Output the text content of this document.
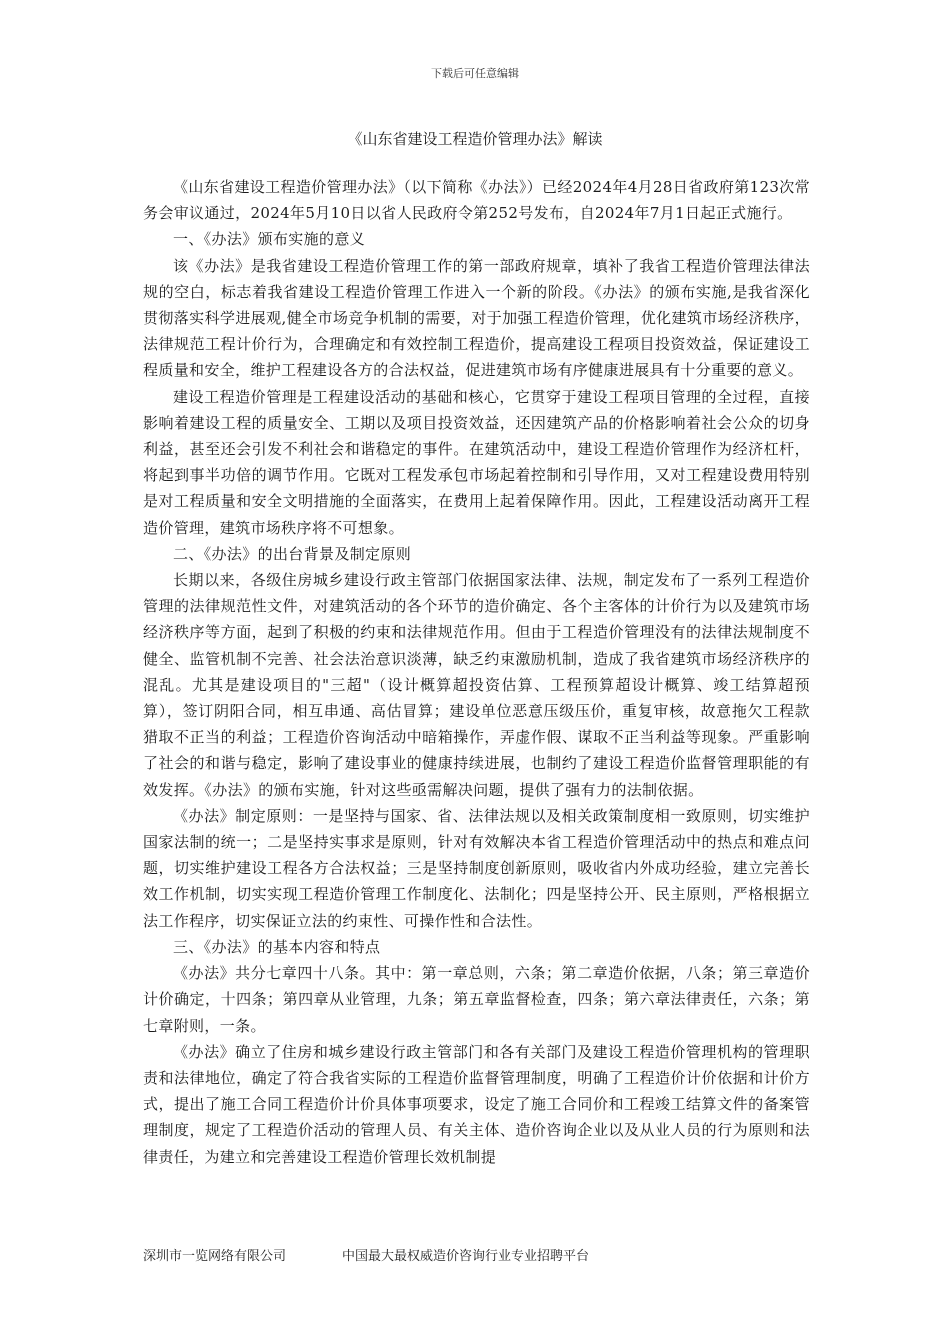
下载后可任意编辑
《山东省建设工程造价管理办法》解读

《山东省建设工程造价管理办法》（以下简称《办法》）已经2024年4月28日省政府第123次常务会审议通过，2024年5月10日以省人民政府令第252号发布，自2024年7月1日起正式施行。

一、《办法》颁布实施的意义

该《办法》是我省建设工程造价管理工作的第一部政府规章，填补了我省工程造价管理法律法规的空白，标志着我省建设工程造价管理工作进入一个新的阶段。《办法》的颁布实施,是我省深化贯彻落实科学进展观,健全市场竞争机制的需要，对于加强工程造价管理，优化建筑市场经济秩序，法律规范工程计价行为，合理确定和有效控制工程造价，提高建设工程项目投资效益，保证建设工程质量和安全，维护工程建设各方的合法权益，促进建筑市场有序健康进展具有十分重要的意义。

建设工程造价管理是工程建设活动的基础和核心，它贯穿于建设工程项目管理的全过程，直接影响着建设工程的质量安全、工期以及项目投资效益，还因建筑产品的价格影响着社会公众的切身利益，甚至还会引发不利社会和谐稳定的事件。在建筑活动中，建设工程造价管理作为经济杠杆，将起到事半功倍的调节作用。它既对工程发承包市场起着控制和引导作用，又对工程建设费用特别是对工程质量和安全文明措施的全面落实，在费用上起着保障作用。因此，工程建设活动离开工程造价管理，建筑市场秩序将不可想象。

二、《办法》的出台背景及制定原则

长期以来，各级住房城乡建设行政主管部门依据国家法律、法规，制定发布了一系列工程造价管理的法律规范性文件，对建筑活动的各个环节的造价确定、各个主客体的计价行为以及建筑市场经济秩序等方面，起到了积极的约束和法律规范作用。但由于工程造价管理没有的法律法规制度不健全、监管机制不完善、社会法治意识淡薄，缺乏约束激励机制，造成了我省建筑市场经济秩序的混乱。尤其是建设项目的"三超"（设计概算超投资估算、工程预算超设计概算、竣工结算超预算），签订阴阳合同，相互串通、高估冒算；建设单位恶意压级压价，重复审核，故意拖欠工程款猎取不正当的利益；工程造价咨询活动中暗箱操作，弄虚作假、谋取不正当利益等现象。严重影响了社会的和谐与稳定，影响了建设事业的健康持续进展，也制约了建设工程造价监督管理职能的有效发挥。《办法》的颁布实施，针对这些亟需解决问题，提供了强有力的法制依据。

《办法》制定原则：一是坚持与国家、省、法律法规以及相关政策制度相一致原则，切实维护国家法制的统一；二是坚持实事求是原则，针对有效解决本省工程造价管理活动中的热点和难点问题，切实维护建设工程各方合法权益；三是坚持制度创新原则，吸收省内外成功经验，建立完善长效工作机制，切实实现工程造价管理工作制度化、法制化；四是坚持公开、民主原则，严格根据立法工作程序，切实保证立法的约束性、可操作性和合法性。

三、《办法》的基本内容和特点

《办法》共分七章四十八条。其中：第一章总则，六条；第二章造价依据，八条；第三章造价计价确定，十四条；第四章从业管理，九条；第五章监督检查，四条；第六章法律责任，六条；第七章附则，一条。

《办法》确立了住房和城乡建设行政主管部门和各有关部门及建设工程造价管理机构的管理职责和法律地位，确定了符合我省实际的工程造价监督管理制度，明确了工程造价计价依据和计价方式，提出了施工合同工程造价计价具体事项要求，设定了施工合同价和工程竣工结算文件的备案管理制度，规定了工程造价活动的管理人员、有关主体、造价咨询企业以及从业人员的行为原则和法律责任，为建立和完善建设工程造价管理长效机制提

深圳市一览网络有限公司	中国最大最权威造价咨询行业专业招聘平台
